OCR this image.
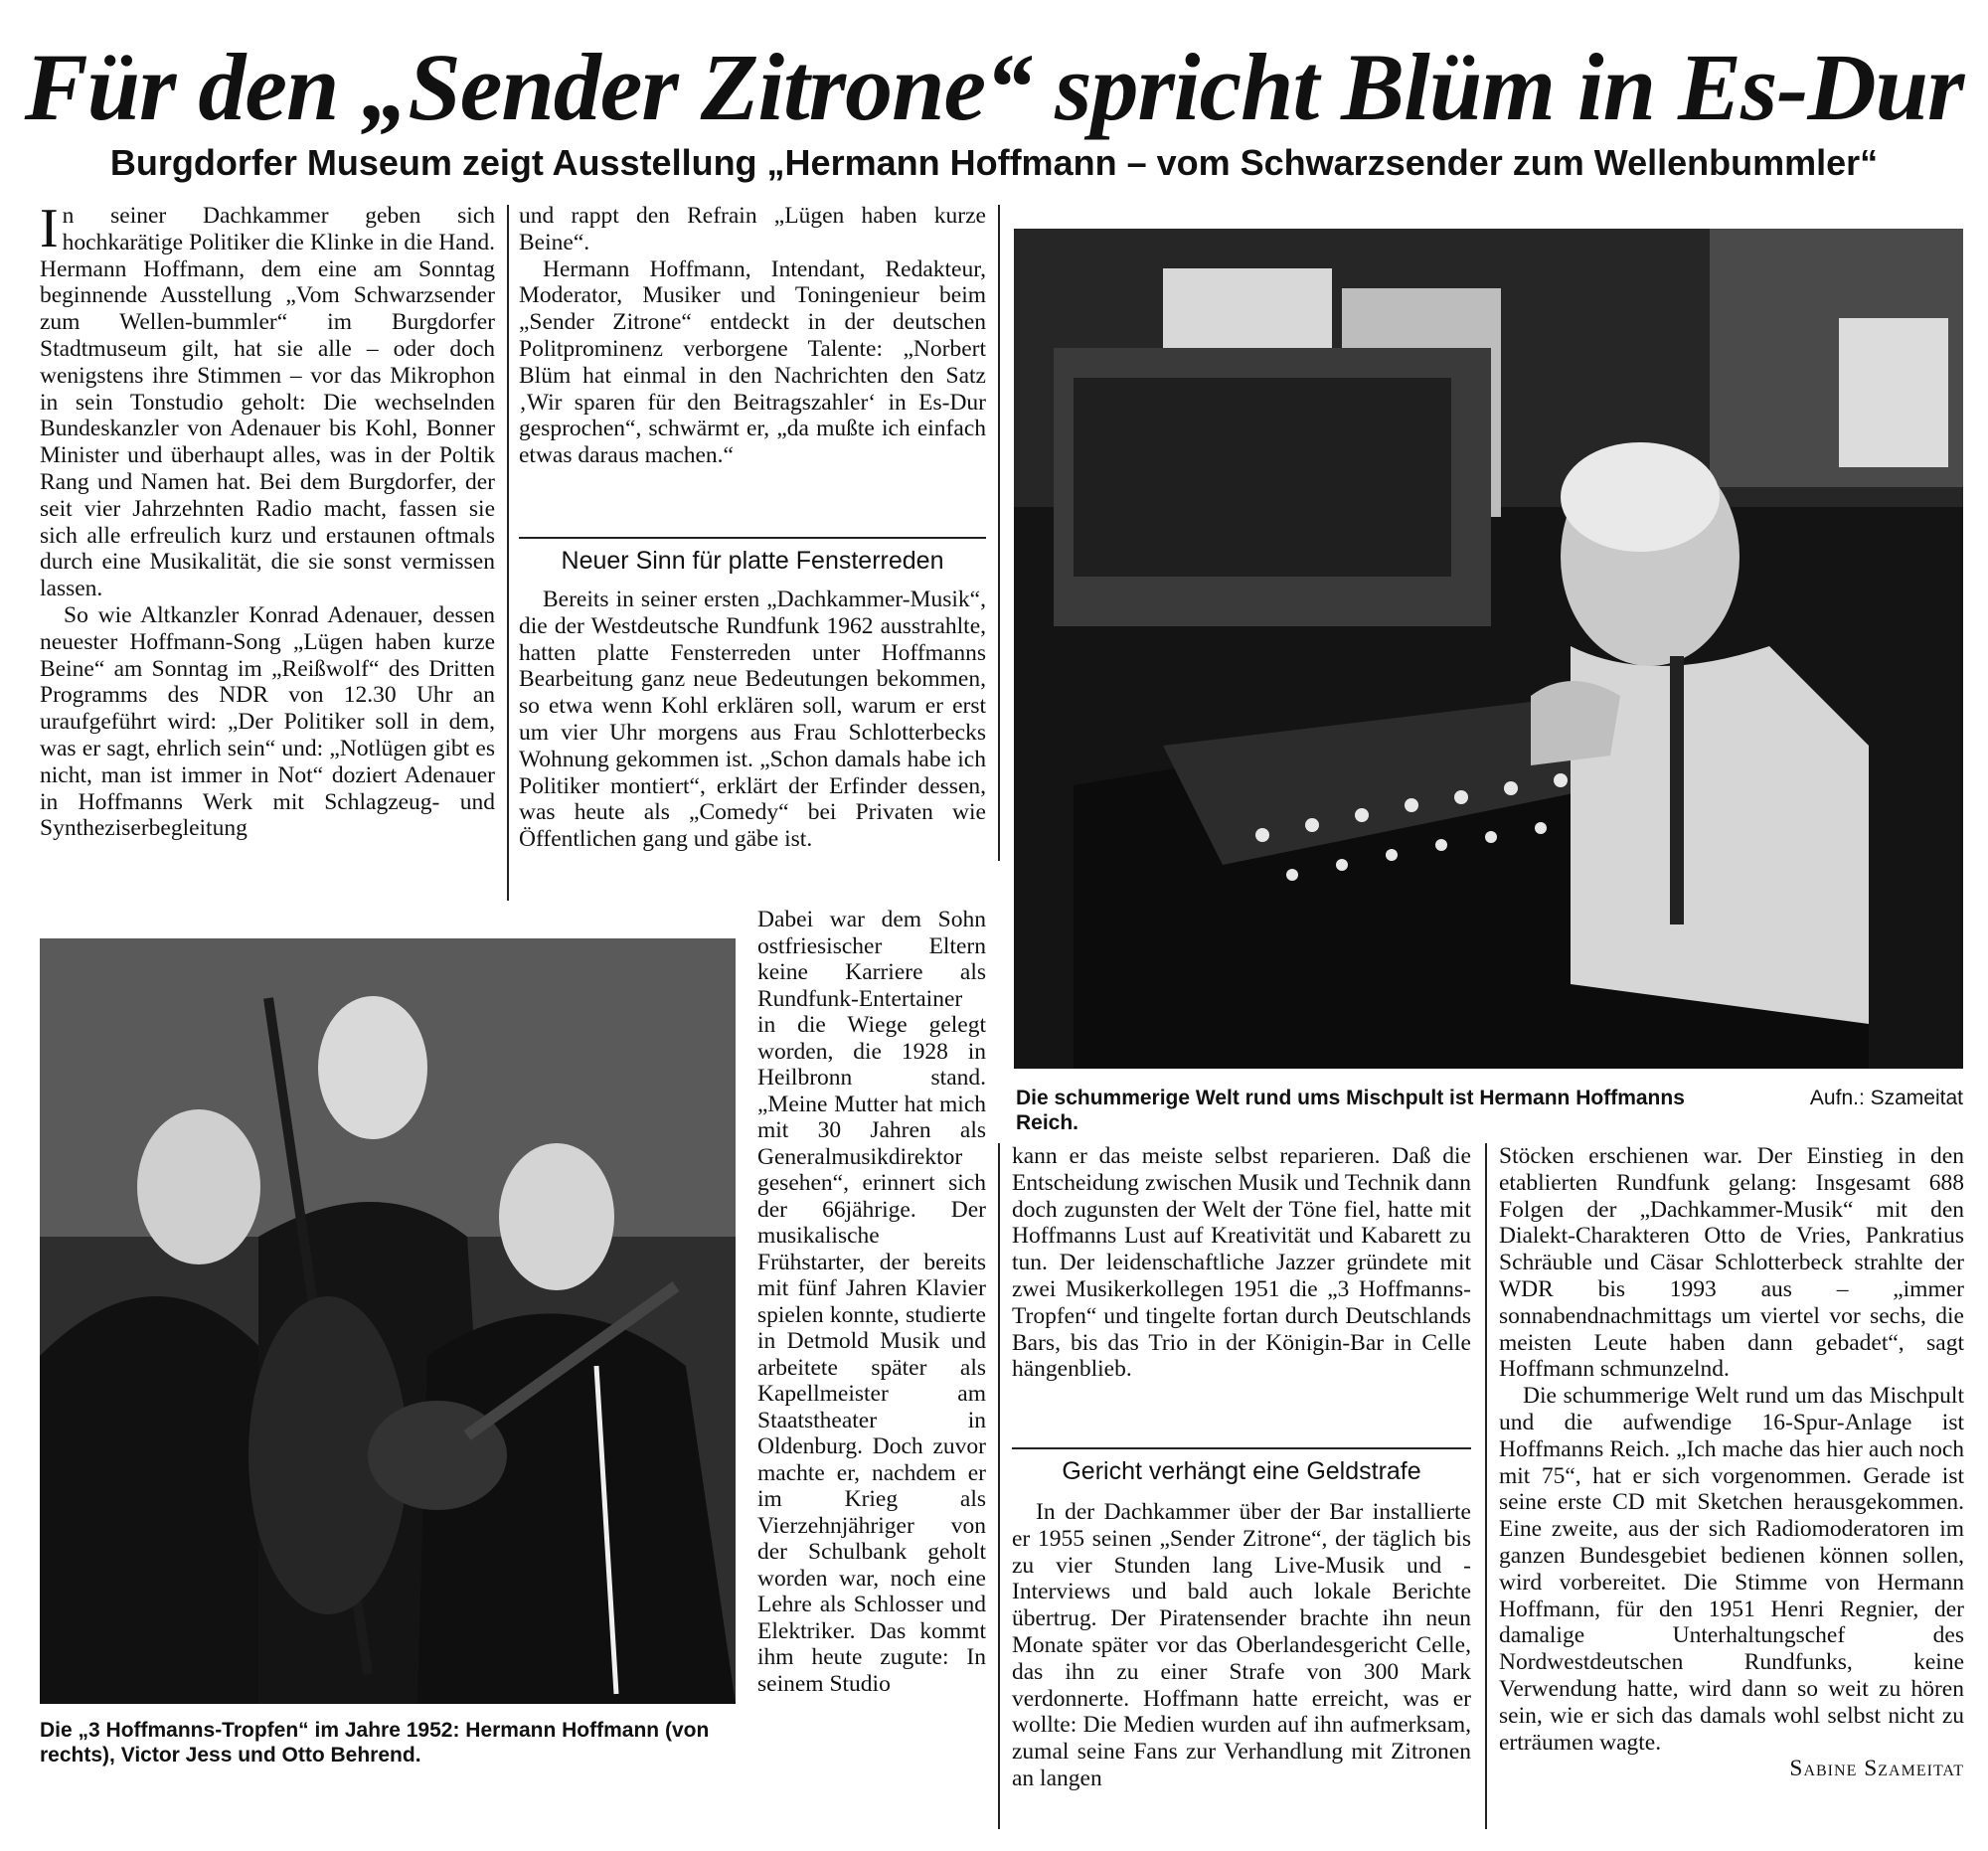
Für den „Sender Zitrone“ spricht Blüm in Es-Dur
Burgdorfer Museum zeigt Ausstellung „Hermann Hoffmann – vom Schwarzsender zum Wellenbummler“

In seiner Dachkammer geben sich hochkarätige Politiker die Klinke in die Hand. Hermann Hoffmann, dem eine am Sonntag beginnende Ausstellung „Vom Schwarzsender zum Wellen-bummler“ im Burgdorfer Stadtmuseum gilt, hat sie alle – oder doch wenigstens ihre Stimmen – vor das Mikrophon in sein Tonstudio geholt: Die wechselnden Bundeskanzler von Adenauer bis Kohl, Bonner Minister und überhaupt alles, was in der Poltik Rang und Namen hat. Bei dem Burgdorfer, der seit vier Jahrzehnten Radio macht, fassen sie sich alle erfreulich kurz und erstaunen oftmals durch eine Musikalität, die sie sonst vermissen lassen.

So wie Altkanzler Konrad Adenauer, dessen neuester Hoffmann-Song „Lügen haben kurze Beine“ am Sonntag im „Reißwolf“ des Dritten Programms des NDR von 12.30 Uhr an uraufgeführt wird: „Der Politiker soll in dem, was er sagt, ehrlich sein“ und: „Notlügen gibt es nicht, man ist immer in Not“ doziert Adenauer in Hoffmanns Werk mit Schlagzeug- und Syntheziserbegleitung

und rappt den Refrain „Lügen haben kurze Beine“.

Hermann Hoffmann, Intendant, Redakteur, Moderator, Musiker und Toningenieur beim „Sender Zitrone“ entdeckt in der deutschen Politprominenz verborgene Talente: „Norbert Blüm hat einmal in den Nachrichten den Satz ‚Wir sparen für den Beitragszahler‘ in Es-Dur gesprochen“, schwärmt er, „da mußte ich einfach etwas daraus machen.“

Neuer Sinn für platte Fensterreden

Bereits in seiner ersten „Dachkammer-Musik“, die der Westdeutsche Rundfunk 1962 ausstrahlte, hatten platte Fensterreden unter Hoffmanns Bearbeitung ganz neue Bedeutungen bekommen, so etwa wenn Kohl erklären soll, warum er erst um vier Uhr morgens aus Frau Schlotterbecks Wohnung gekommen ist. „Schon damals habe ich Politiker montiert“, erklärt der Erfinder dessen, was heute als „Comedy“ bei Privaten wie Öffentlichen gang und gäbe ist.

Die schummerige Welt rund ums Mischpult ist Hermann Hoffmanns Reich.
Aufn.: Szameitat
Die „3 Hoffmanns-Tropfen“ im Jahre 1952: Hermann Hoffmann (von rechts), Victor Jess und Otto Behrend.

Dabei war dem Sohn ostfriesischer Eltern keine Karriere als Rundfunk-Entertainer in die Wiege gelegt worden, die 1928 in Heilbronn stand. „Meine Mutter hat mich mit 30 Jahren als Generalmusikdirektor gesehen“, erinnert sich der 66jährige. Der musikalische Frühstarter, der bereits mit fünf Jahren Klavier spielen konnte, studierte in Detmold Musik und arbeitete später als Kapellmeister am Staatstheater in Oldenburg. Doch zuvor machte er, nachdem er im Krieg als Vierzehnjähriger von der Schulbank geholt worden war, noch eine Lehre als Schlosser und Elektriker. Das kommt ihm heute zugute: In seinem Studio

kann er das meiste selbst reparieren. Daß die Entscheidung zwischen Musik und Technik dann doch zugunsten der Welt der Töne fiel, hatte mit Hoffmanns Lust auf Kreativität und Kabarett zu tun. Der leidenschaftliche Jazzer gründete mit zwei Musikerkollegen 1951 die „3 Hoffmanns-Tropfen“ und tingelte fortan durch Deutschlands Bars, bis das Trio in der Königin-Bar in Celle hängenblieb.

Gericht verhängt eine Geldstrafe

In der Dachkammer über der Bar installierte er 1955 seinen „Sender Zitrone“, der täglich bis zu vier Stunden lang Live-Musik und -Interviews und bald auch lokale Berichte übertrug. Der Piratensender brachte ihn neun Monate später vor das Oberlandesgericht Celle, das ihn zu einer Strafe von 300 Mark verdonnerte. Hoffmann hatte erreicht, was er wollte: Die Medien wurden auf ihn aufmerksam, zumal seine Fans zur Verhandlung mit Zitronen an langen

Stöcken erschienen war. Der Einstieg in den etablierten Rundfunk gelang: Insgesamt 688 Folgen der „Dachkammer-Musik“ mit den Dialekt-Charakteren Otto de Vries, Pankratius Schräuble und Cäsar Schlotterbeck strahlte der WDR bis 1993 aus – „immer sonnabendnachmittags um viertel vor sechs, die meisten Leute haben dann gebadet“, sagt Hoffmann schmunzelnd.

Die schummerige Welt rund um das Mischpult und die aufwendige 16-Spur-Anlage ist Hoffmanns Reich. „Ich mache das hier auch noch mit 75“, hat er sich vorgenommen. Gerade ist seine erste CD mit Sketchen herausgekommen. Eine zweite, aus der sich Radiomoderatoren im ganzen Bundesgebiet bedienen können sollen, wird vorbereitet. Die Stimme von Hermann Hoffmann, für den 1951 Henri Regnier, der damalige Unterhaltungschef des Nordwestdeutschen Rundfunks, keine Verwendung hatte, wird dann so weit zu hören sein, wie er sich das damals wohl selbst nicht zu erträumen wagte.

Sabine Szameitat
